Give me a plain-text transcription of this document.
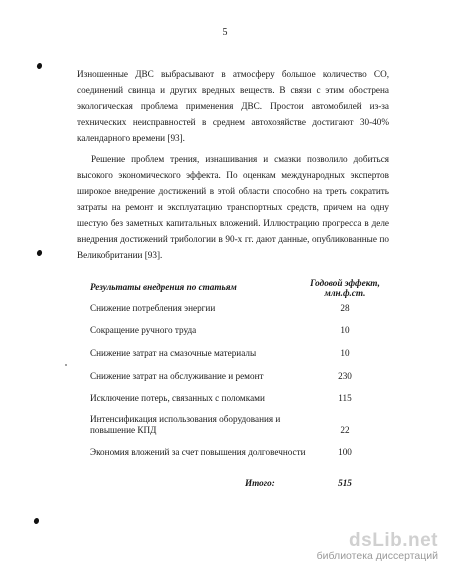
5

Изношенные ДВС выбрасывают в атмосферу большое количество СО, соединений свинца и других вредных веществ. В связи с этим обострена экологическая проблема применения ДВС. Простои автомобилей из-за технических неисправностей в среднем автохозяйстве достигают 30-40% календарного времени [93].

Решение проблем трения, изнашивания и смазки позволило добиться высокого экономического эффекта. По оценкам международных экспертов широкое внедрение достижений в этой области способно на треть сократить затраты на ремонт и эксплуатацию транспортных средств, причем на одну шестую без заметных капитальных вложений. Иллюстрацию прогресса в деле внедрения достижений трибологии в 90-х гг. дают данные, опубликованные по Великобритании [93].

Результаты внедрения по статьям	Годовой эффект,
млн.ф.ст.
Снижение потребления энергии	28
Сокращение ручного труда	10
Снижение затрат на смазочные материалы	10
Снижение затрат на обслуживание и ремонт	230
Исключение потерь, связанных с поломками	115
Интенсификация использования оборудования и повышение КПД	22
Экономия вложений за счет повышения долговечности	100
Итого:	515
dsLib.net
библиотека диссертаций
